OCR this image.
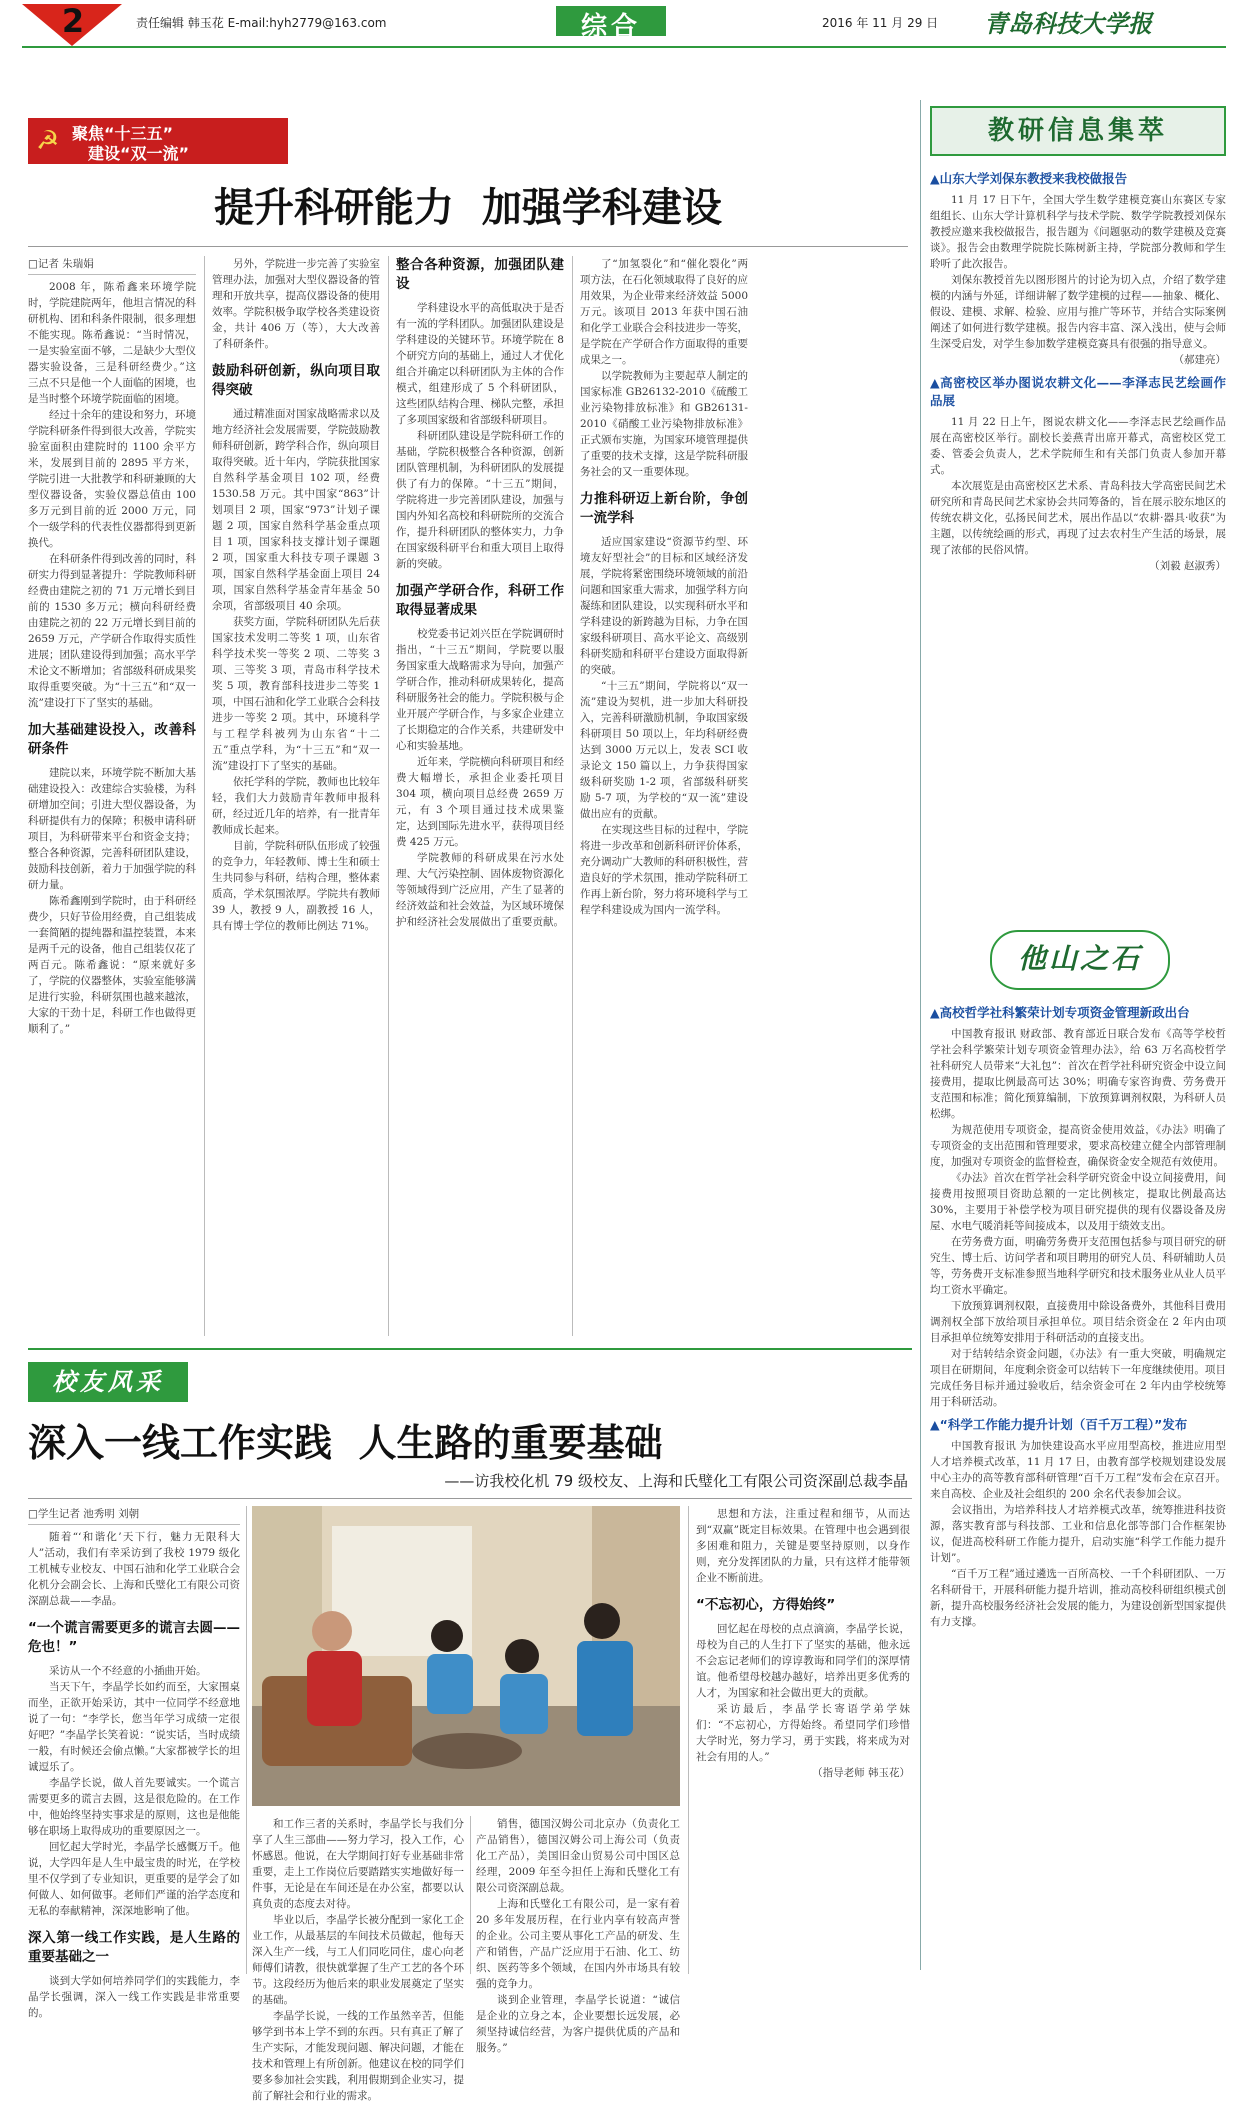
2	责任编辑 韩玉花 E-mail:hyh2779@163.com	综合	2016 年 11 月 29 日 青岛科技大学报
☭ 聚焦“十三五”
建设“双一流”
提升科研能力  加强学科建设
□记者 朱瑞娟

2008 年，陈希鑫来环境学院时，学院建院两年，他坦言情况的科研机构、团和科条件限制，很多理想不能实现。陈希鑫说：“当时情况，一是实验室面不够，二是缺少大型仪器实验设备，三是科研经费少。”这三点不只是他一个人面临的困境，也是当时整个环境学院面临的困境。

经过十余年的建设和努力，环境学院科研条件得到很大改善，学院实验室面积由建院时的 1100 余平方米，发展到目前的 2895 平方米，学院引进一大批教学和科研兼顾的大型仪器设备，实验仪器总值由 100 多万元到目前的近 2000 万元，同个一级学科的代表性仪器都得到更新换代。

在科研条件得到改善的同时，科研实力得到显著提升：学院教师科研经费由建院之初的 71 万元增长到目前的 1530 多万元；横向科研经费由建院之初的 22 万元增长到目前的 2659 万元，产学研合作取得实质性进展；团队建设得到加强；高水平学术论文不断增加；省部级科研成果奖取得重要突破。为“十三五”和“双一流”建设打下了坚实的基础。

加大基础建设投入，改善科研条件

建院以来，环境学院不断加大基础建设投入：改建综合实验楼，为科研增加空间；引进大型仪器设备，为科研提供有力的保障；积极申请科研项目，为科研带来平台和资金支持；整合各种资源，完善科研团队建设，鼓励科技创新，着力于加强学院的科研力量。

陈希鑫刚到学院时，由于科研经费少，只好节俭用经费，自己组装成一套简陋的提纯器和温控装置，本来是两千元的设备，他自己组装仅花了两百元。陈希鑫说：“原来就好多了，学院的仪器整体，实验室能够满足进行实验，科研氛围也越来越浓，大家的干劲十足，科研工作也做得更顺利了。”

另外，学院进一步完善了实验室管理办法，加强对大型仪器设备的管理和开放共享，提高仪器设备的使用效率。学院积极争取学校各类建设资金，共计 406 万（等），大大改善了科研条件。

鼓励科研创新，纵向项目取得突破

通过精准面对国家战略需求以及地方经济社会发展需要，学院鼓励教师科研创新，跨学科合作，纵向项目取得突破。近十年内，学院获批国家自然科学基金项目 102 项，经费 1530.58 万元。其中国家“863”计划项目 2 项，国家“973”计划子课题 2 项，国家自然科学基金重点项目 1 项，国家科技支撑计划子课题 2 项，国家重大科技专项子课题 3 项，国家自然科学基金面上项目 24 项，国家自然科学基金青年基金 50 余项，省部级项目 40 余项。

获奖方面，学院科研团队先后获国家技术发明二等奖 1 项，山东省科学技术奖一等奖 2 项、二等奖 3 项、三等奖 3 项，青岛市科学技术奖 5 项，教育部科技进步二等奖 1 项，中国石油和化学工业联合会科技进步一等奖 2 项。其中，环境科学与工程学科被列为山东省“十二五”重点学科，为“十三五”和“双一流”建设打下了坚实的基础。

依托学科的学院，教师也比较年轻，我们大力鼓励青年教师申报科研，经过近几年的培养，有一批青年教师成长起来。

目前，学院科研队伍形成了较强的竞争力，年轻教师、博士生和硕士生共同参与科研，结构合理，整体素质高，学术氛围浓厚。学院共有教师 39 人，教授 9 人，副教授 16 人，具有博士学位的教师比例达 71%。

整合各种资源，加强团队建设

学科建设水平的高低取决于是否有一流的学科团队。加强团队建设是学科建设的关键环节。环境学院在 8 个研究方向的基础上，通过人才优化组合并确定以科研团队为主体的合作模式，组建形成了 5 个科研团队，这些团队结构合理、梯队完整，承担了多项国家级和省部级科研项目。

科研团队建设是学院科研工作的基础，学院积极整合各种资源，创新团队管理机制，为科研团队的发展提供了有力的保障。“十三五”期间，学院将进一步完善团队建设，加强与国内外知名高校和科研院所的交流合作，提升科研团队的整体实力，力争在国家级科研平台和重大项目上取得新的突破。

加强产学研合作，科研工作取得显著成果

校党委书记刘兴臣在学院调研时指出，“十三五”期间，学院要以服务国家重大战略需求为导向，加强产学研合作，推动科研成果转化，提高科研服务社会的能力。学院积极与企业开展产学研合作，与多家企业建立了长期稳定的合作关系，共建研发中心和实验基地。

近年来，学院横向科研项目和经费大幅增长，承担企业委托项目 304 项，横向项目总经费 2659 万元，有 3 个项目通过技术成果鉴定，达到国际先进水平，获得项目经费 425 万元。

学院教师的科研成果在污水处理、大气污染控制、固体废物资源化等领域得到广泛应用，产生了显著的经济效益和社会效益，为区域环境保护和经济社会发展做出了重要贡献。

了“加氢裂化”和“催化裂化”两项方法，在石化领域取得了良好的应用效果，为企业带来经济效益 5000 万元。该项目 2013 年获中国石油和化学工业联合会科技进步一等奖，是学院在产学研合作方面取得的重要成果之一。

以学院教师为主要起草人制定的国家标准 GB26132-2010《硫酸工业污染物排放标准》和 GB26131-2010《硝酸工业污染物排放标准》正式颁布实施，为国家环境管理提供了重要的技术支撑，这是学院科研服务社会的又一重要体现。

力推科研迈上新台阶，争创一流学科

适应国家建设“资源节约型、环境友好型社会”的目标和区域经济发展，学院将紧密围绕环境领域的前沿问题和国家重大需求，加强学科方向凝练和团队建设，以实现科研水平和学科建设的新跨越为目标，力争在国家级科研项目、高水平论文、高级别科研奖励和科研平台建设方面取得新的突破。

“十三五”期间，学院将以“双一流”建设为契机，进一步加大科研投入，完善科研激励机制，争取国家级科研项目 50 项以上，年均科研经费达到 3000 万元以上，发表 SCI 收录论文 150 篇以上，力争获得国家级科研奖励 1-2 项，省部级科研奖励 5-7 项，为学校的“双一流”建设做出应有的贡献。

在实现这些目标的过程中，学院将进一步改革和创新科研评价体系，充分调动广大教师的科研积极性，营造良好的学术氛围，推动学院科研工作再上新台阶，努力将环境科学与工程学科建设成为国内一流学科。

教研信息集萃
▲山东大学刘保东教授来我校做报告

11 月 17 日下午，全国大学生数学建模竞赛山东赛区专家组组长、山东大学计算机科学与技术学院、数学学院教授刘保东教授应邀来我校做报告，报告题为《问题驱动的数学建模及竞赛谈》。报告会由数理学院院长陈树新主持，学院部分教师和学生聆听了此次报告。

刘保东教授首先以图形图片的讨论为切入点，介绍了数学建模的内涵与外延，详细讲解了数学建模的过程——抽象、概化、假设、建模、求解、检验、应用与推广等环节，并结合实际案例阐述了如何进行数学建模。报告内容丰富、深入浅出，使与会师生深受启发，对学生参加数学建模竞赛具有很强的指导意义。

（郝建亮）

▲高密校区举办图说农耕文化——李泽志民艺绘画作品展

11 月 22 日上午，图说农耕文化——李泽志民艺绘画作品展在高密校区举行。副校长姜燕青出席开幕式，高密校区党工委、管委会负责人，艺术学院师生和有关部门负责人参加开幕式。

本次展览是由高密校区艺术系、青岛科技大学高密民间艺术研究所和青岛民间艺术家协会共同筹备的，旨在展示胶东地区的传统农耕文化，弘扬民间艺术，展出作品以“农耕·器具·收获”为主题，以传统绘画的形式，再现了过去农村生产生活的场景，展现了浓郁的民俗风情。

（刘毅 赵淑秀）

他山之石
▲高校哲学社科繁荣计划专项资金管理新政出台

中国教育报讯 财政部、教育部近日联合发布《高等学校哲学社会科学繁荣计划专项资金管理办法》，给 63 万名高校哲学社科研究人员带来“大礼包”：首次在哲学社科研究资金中设立间接费用，提取比例最高可达 30%；明确专家咨询费、劳务费开支范围和标准；简化预算编制，下放预算调剂权限，为科研人员松绑。

为规范使用专项资金，提高资金使用效益，《办法》明确了专项资金的支出范围和管理要求，要求高校建立健全内部管理制度，加强对专项资金的监督检查，确保资金安全规范有效使用。

《办法》首次在哲学社会科学研究资金中设立间接费用，间接费用按照项目资助总额的一定比例核定，提取比例最高达 30%，主要用于补偿学校为项目研究提供的现有仪器设备及房屋、水电气暖消耗等间接成本，以及用于绩效支出。

在劳务费方面，明确劳务费开支范围包括参与项目研究的研究生、博士后、访问学者和项目聘用的研究人员、科研辅助人员等，劳务费开支标准参照当地科学研究和技术服务业从业人员平均工资水平确定。

下放预算调剂权限，直接费用中除设备费外，其他科目费用调剂权全部下放给项目承担单位。项目结余资金在 2 年内由项目承担单位统筹安排用于科研活动的直接支出。

对于结转结余资金问题，《办法》有一重大突破，明确规定项目在研期间，年度剩余资金可以结转下一年度继续使用。项目完成任务目标并通过验收后，结余资金可在 2 年内由学校统筹用于科研活动。

▲“科学工作能力提升计划（百千万工程）”发布

中国教育报讯 为加快建设高水平应用型高校，推进应用型人才培养模式改革，11 月 17 日，由教育部学校规划建设发展中心主办的高等教育部科研管理“百千万工程”发布会在京召开。来自高校、企业及社会组织的 200 余名代表参加会议。

会议指出，为培养科技人才培养模式改革，统筹推进科技资源，落实教育部与科技部、工业和信息化部等部门合作框架协议，促进高校科研工作能力提升，启动实施“科学工作能力提升计划”。

“百千万工程”通过遴选一百所高校、一千个科研团队、一万名科研骨干，开展科研能力提升培训，推动高校科研组织模式创新，提升高校服务经济社会发展的能力，为建设创新型国家提供有力支撑。

校友风采
深入一线工作实践  人生路的重要基础
——访我校化机 79 级校友、上海和氏璧化工有限公司资深副总裁李晶
□学生记者 池秀明 刘朝

随着“‘和谐化’天下行，魅力无限科大人”活动，我们有幸采访到了我校 1979 级化工机械专业校友、中国石油和化学工业联合会化机分会副会长、上海和氏璧化工有限公司资深副总裁——李晶。

“一个谎言需要更多的谎言去圆——危也！”

采访从一个不经意的小插曲开始。

当天下午，李晶学长如约而至，大家围桌而坐，正欲开始采访，其中一位同学不经意地说了一句：“李学长，您当年学习成绩一定很好吧？”李晶学长笑着说：“说实话，当时成绩一般，有时候还会偷点懒。”大家都被学长的坦诚逗乐了。

李晶学长说，做人首先要诚实。一个谎言需要更多的谎言去圆，这是很危险的。在工作中，他始终坚持实事求是的原则，这也是他能够在职场上取得成功的重要原因之一。

回忆起大学时光，李晶学长感慨万千。他说，大学四年是人生中最宝贵的时光，在学校里不仅学到了专业知识，更重要的是学会了如何做人、如何做事。老师们严谨的治学态度和无私的奉献精神，深深地影响了他。

深入第一线工作实践，是人生路的重要基础之一

谈到大学如何培养同学们的实践能力，李晶学长强调，深入一线工作实践是非常重要的。

和工作三者的关系时，李晶学长与我们分享了人生三部曲——努力学习，投入工作，心怀感恩。他说，在大学期间打好专业基础非常重要，走上工作岗位后要踏踏实实地做好每一件事，无论是在车间还是在办公室，都要以认真负责的态度去对待。

毕业以后，李晶学长被分配到一家化工企业工作，从最基层的车间技术员做起，他每天深入生产一线，与工人们同吃同住，虚心向老师傅们请教，很快就掌握了生产工艺的各个环节。这段经历为他后来的职业发展奠定了坚实的基础。

李晶学长说，一线的工作虽然辛苦，但能够学到书本上学不到的东西。只有真正了解了生产实际，才能发现问题、解决问题，才能在技术和管理上有所创新。他建议在校的同学们要多参加社会实践，利用假期到企业实习，提前了解社会和行业的需求。

销售，德国汉姆公司北京办（负责化工产品销售），德国汉姆公司上海公司（负责化工产品），美国旧金山贸易公司中国区总经理，2009 年至今担任上海和氏璧化工有限公司资深副总裁。

上海和氏璧化工有限公司，是一家有着 20 多年发展历程，在行业内享有较高声誉的企业。公司主要从事化工产品的研发、生产和销售，产品广泛应用于石油、化工、纺织、医药等多个领域，在国内外市场具有较强的竞争力。

谈到企业管理，李晶学长说道：“诚信是企业的立身之本，企业要想长远发展，必须坚持诚信经营，为客户提供优质的产品和服务。”

思想和方法，注重过程和细节，从而达到“双赢”既定目标效果。在管理中也会遇到很多困难和阻力，关键是要坚持原则，以身作则，充分发挥团队的力量，只有这样才能带领企业不断前进。

“不忘初心，方得始终”

回忆起在母校的点点滴滴，李晶学长说，母校为自己的人生打下了坚实的基础，他永远不会忘记老师们的谆谆教诲和同学们的深厚情谊。他希望母校越办越好，培养出更多优秀的人才，为国家和社会做出更大的贡献。

采访最后，李晶学长寄语学弟学妹们：“不忘初心，方得始终。希望同学们珍惜大学时光，努力学习，勇于实践，将来成为对社会有用的人。”

（指导老师 韩玉花）
